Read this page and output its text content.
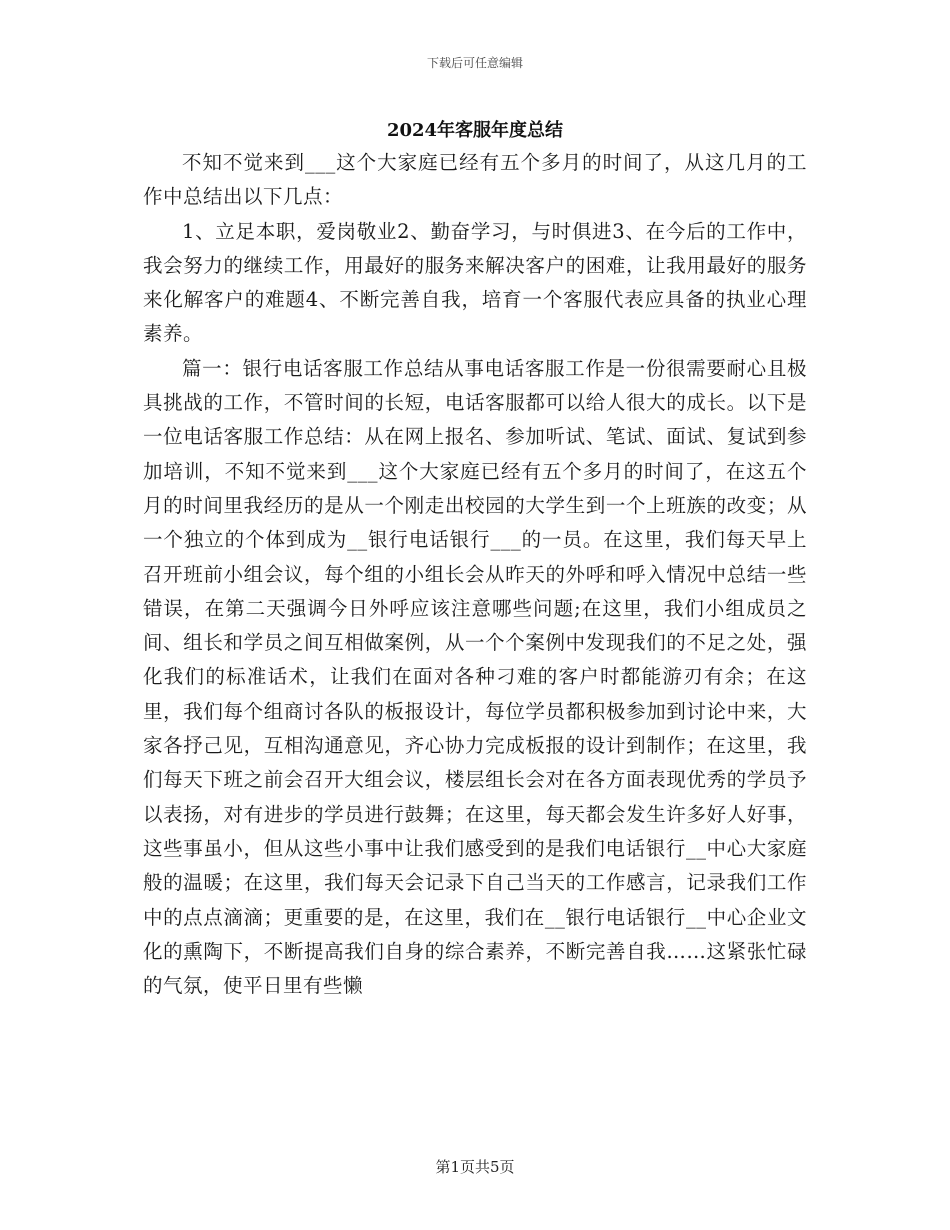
下载后可任意编辑
2024年客服年度总结

不知不觉来到___这个大家庭已经有五个多月的时间了，从这几月的工作中总结出以下几点：

1、立足本职，爱岗敬业2、勤奋学习，与时俱进3、在今后的工作中，我会努力的继续工作，用最好的服务来解决客户的困难，让我用最好的服务来化解客户的难题4、不断完善自我，培育一个客服代表应具备的执业心理素养。

篇一：银行电话客服工作总结从事电话客服工作是一份很需要耐心且极具挑战的工作，不管时间的长短，电话客服都可以给人很大的成长。以下是一位电话客服工作总结：从在网上报名、参加听试、笔试、面试、复试到参加培训，不知不觉来到___这个大家庭已经有五个多月的时间了，在这五个月的时间里我经历的是从一个刚走出校园的大学生到一个上班族的改变；从一个独立的个体到成为__银行电话银行___的一员。在这里，我们每天早上召开班前小组会议，每个组的小组长会从昨天的外呼和呼入情况中总结一些错误，在第二天强调今日外呼应该注意哪些问题;在这里，我们小组成员之间、组长和学员之间互相做案例，从一个个案例中发现我们的不足之处，强化我们的标准话术，让我们在面对各种刁难的客户时都能游刃有余；在这里，我们每个组商讨各队的板报设计，每位学员都积极参加到讨论中来，大家各抒己见，互相沟通意见，齐心协力完成板报的设计到制作；在这里，我们每天下班之前会召开大组会议，楼层组长会对在各方面表现优秀的学员予以表扬，对有进步的学员进行鼓舞；在这里，每天都会发生许多好人好事，这些事虽小，但从这些小事中让我们感受到的是我们电话银行__中心大家庭般的温暖；在这里，我们每天会记录下自己当天的工作感言，记录我们工作中的点点滴滴；更重要的是，在这里，我们在__银行电话银行__中心企业文化的熏陶下，不断提高我们自身的综合素养，不断完善自我……这紧张忙碌的气氛，使平日里有些懒

第1页共5页
